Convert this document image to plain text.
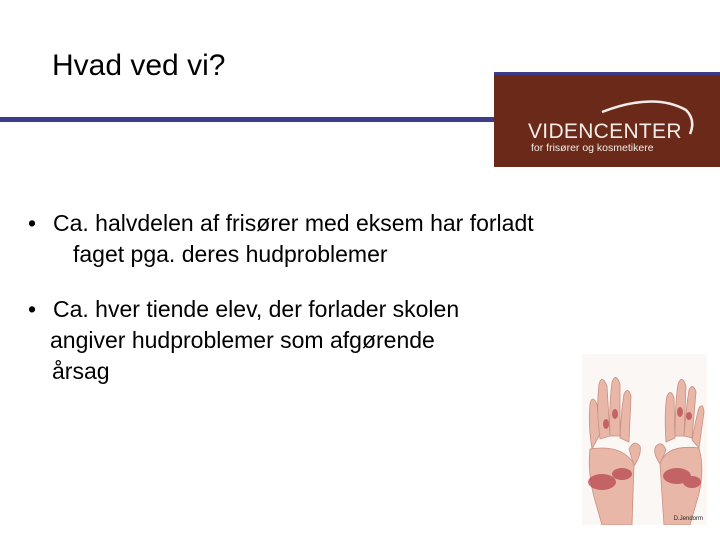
Hvad ved vi?
VIDENCENTER
for frisører og kosmetikere
• Ca. halvdelen af frisører med eksem har forladt
faget pga. deres hudproblemer
• Ca. hver tiende elev, der forlader skolen
angiver hudproblemer som afgørende
årsag
D.Jendorm
